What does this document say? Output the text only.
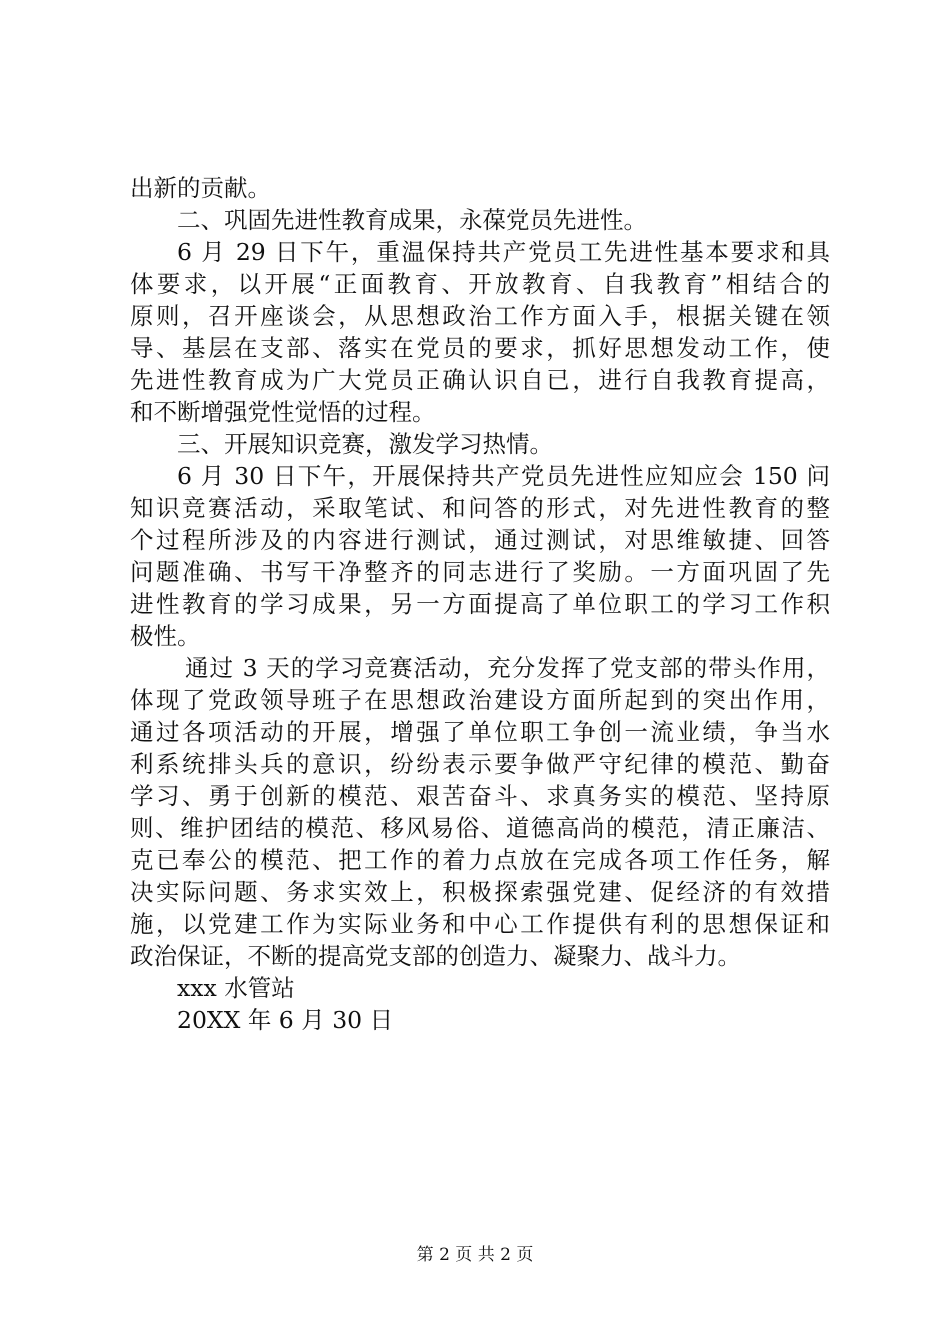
出新的贡献。
二、巩固先进性教育成果，永葆党员先进性。
6 月 29 日下午，重温保持共产党员工先进性基本要求和具
体要求，以开展“正面教育、开放教育、自我教育”相结合的
原则，召开座谈会，从思想政治工作方面入手，根据关键在领
导、基层在支部、落实在党员的要求，抓好思想发动工作，使
先进性教育成为广大党员正确认识自已，进行自我教育提高，
和不断增强党性觉悟的过程。
三、开展知识竞赛，激发学习热情。
6 月 30 日下午，开展保持共产党员先进性应知应会 150 问
知识竞赛活动，采取笔试、和问答的形式，对先进性教育的整
个过程所涉及的内容进行测试，通过测试，对思维敏捷、回答
问题准确、书写干净整齐的同志进行了奖励。一方面巩固了先
进性教育的学习成果，另一方面提高了单位职工的学习工作积
极性。
通过 3 天的学习竞赛活动，充分发挥了党支部的带头作用，
体现了党政领导班子在思想政治建设方面所起到的突出作用，
通过各项活动的开展，增强了单位职工争创一流业绩，争当水
利系统排头兵的意识，纷纷表示要争做严守纪律的模范、勤奋
学习、勇于创新的模范、艰苦奋斗、求真务实的模范、坚持原
则、维护团结的模范、移风易俗、道德高尚的模范，清正廉洁、
克已奉公的模范、把工作的着力点放在完成各项工作任务，解
决实际问题、务求实效上，积极探索强党建、促经济的有效措
施，以党建工作为实际业务和中心工作提供有利的思想保证和
政治保证，不断的提高党支部的创造力、凝聚力、战斗力。
xxx 水管站
20XX 年 6 月 30 日
第 2 页 共 2 页
